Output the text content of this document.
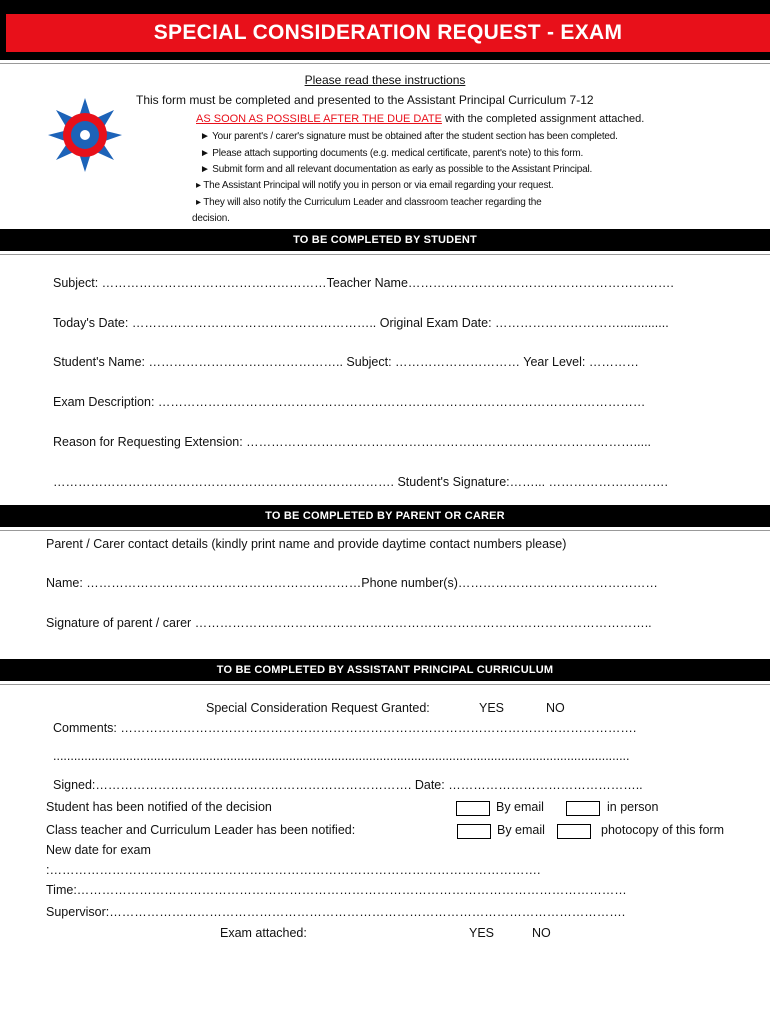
SPECIAL CONSIDERATION REQUEST - EXAM
Please read these instructions
This form must be completed and presented to the Assistant Principal Curriculum 7-12
AS SOON AS POSSIBLE AFTER THE DUE DATE with the completed assignment attached.
► Your parent's / carer's signature must be obtained after the student section has been completed.
► Please attach supporting documents (e.g. medical certificate, parent's note) to this form.
► Submit form and all relevant documentation as early as possible to the Assistant Principal.
▸ The Assistant Principal will notify you in person or via email regarding your request.
▸ They will also notify the Curriculum Leader and classroom teacher regarding the
decision.
TO BE COMPLETED BY STUDENT
Subject: ………………………………………………Teacher Name……………………………………………………….
Today's Date: ………………………………………………….. Original Exam Date: …………………………..............
Student's Name: ……………………………………….. Subject: ………………………… Year Level: …………
Exam Description: ………………………………………………………………………………………………………
Reason for Requesting Extension: ………………………………………………………………………………….....
………………………………………………………………………. Student's Signature:……... ……………….……….
TO BE COMPLETED BY PARENT OR CARER
Parent / Carer contact details (kindly print name and provide daytime contact numbers please)
Name: …………………………………………………………Phone number(s)…………………………………………
Signature of parent / carer ………………………………………………………………………………………………..
TO BE COMPLETED BY ASSISTANT PRINCIPAL CURRICULUM
Special Consideration Request Granted:	YES	NO
Comments: …………………………………………………………………………………………………………….
......................................................................................................................................................................
Signed:…………………………………………………………………. Date: ………………………………………..
Student has been notified of the decision	By email	in person
Class teacher and Curriculum Leader has been notified:	By email	photocopy of this form
New date for exam
:……………………………………………………………………………………………………….
Time:……………………………………………………………………………………………………………………
Supervisor:…………………………………………………………………………………………………………….
Exam attached:	YES	NO
